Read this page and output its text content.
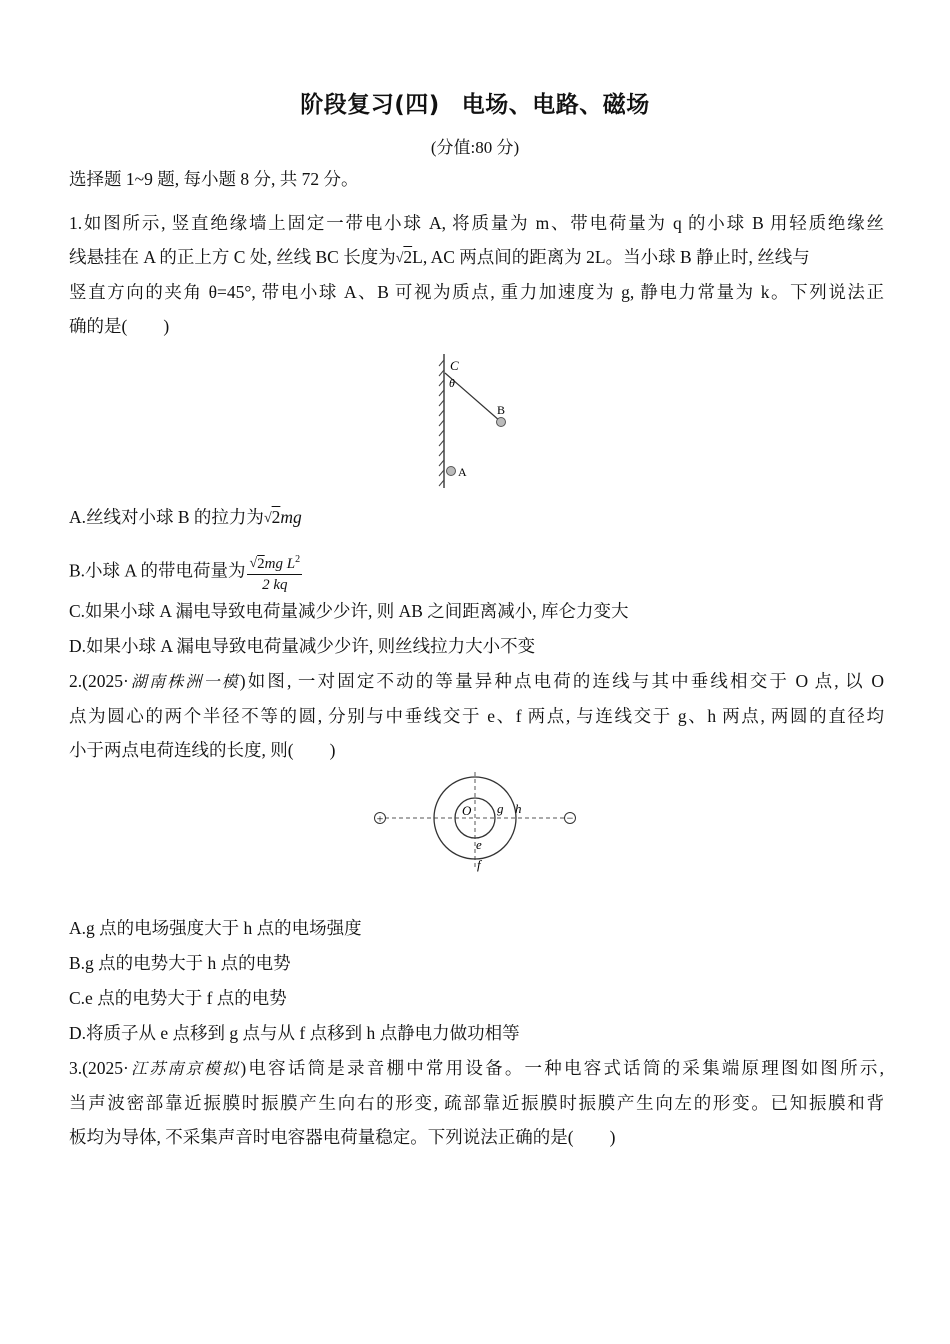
阶段复习(四) 电场、电路、磁场
(分值:80 分)
选择题 1~9 题, 每小题 8 分, 共 72 分。
1.如图所示, 竖直绝缘墙上固定一带电小球 A, 将质量为 m、带电荷量为 q 的小球 B 用轻质绝缘丝
线悬挂在 A 的正上方 C 处, 丝线 BC 长度为√2L, AC 两点间的距离为 2L。当小球 B 静止时, 丝线与
竖直方向的夹角 θ=45°, 带电小球 A、B 可视为质点, 重力加速度为 g, 静电力常量为 k。下列说法正
确的是( )
C
θ
B
A
A.丝线对小球 B 的拉力为√2mg
B.小球 A 的带电荷量为 $\frac{√2mg L^2}{2 kq}$
C.如果小球 A 漏电导致电荷量减少少许, 则 AB 之间距离减小, 库仑力变大
D.如果小球 A 漏电导致电荷量减少少许, 则丝线拉力大小不变
2.(2025·湖南株洲一模)如图, 一对固定不动的等量异种点电荷的连线与其中垂线相交于 O 点, 以 O
点为圆心的两个半径不等的圆, 分别与中垂线交于 e、f 两点, 与连线交于 g、h 两点, 两圆的直径均
小于两点电荷连线的长度, 则( )
+	−
O g h
e
f
A.g 点的电场强度大于 h 点的电场强度
B.g 点的电势大于 h 点的电势
C.e 点的电势大于 f 点的电势
D.将质子从 e 点移到 g 点与从 f 点移到 h 点静电力做功相等
3.(2025·江苏南京模拟)电容话筒是录音棚中常用设备。一种电容式话筒的采集端原理图如图所示,
当声波密部靠近振膜时振膜产生向右的形变, 疏部靠近振膜时振膜产生向左的形变。已知振膜和背
板均为导体, 不采集声音时电容器电荷量稳定。下列说法正确的是( )
